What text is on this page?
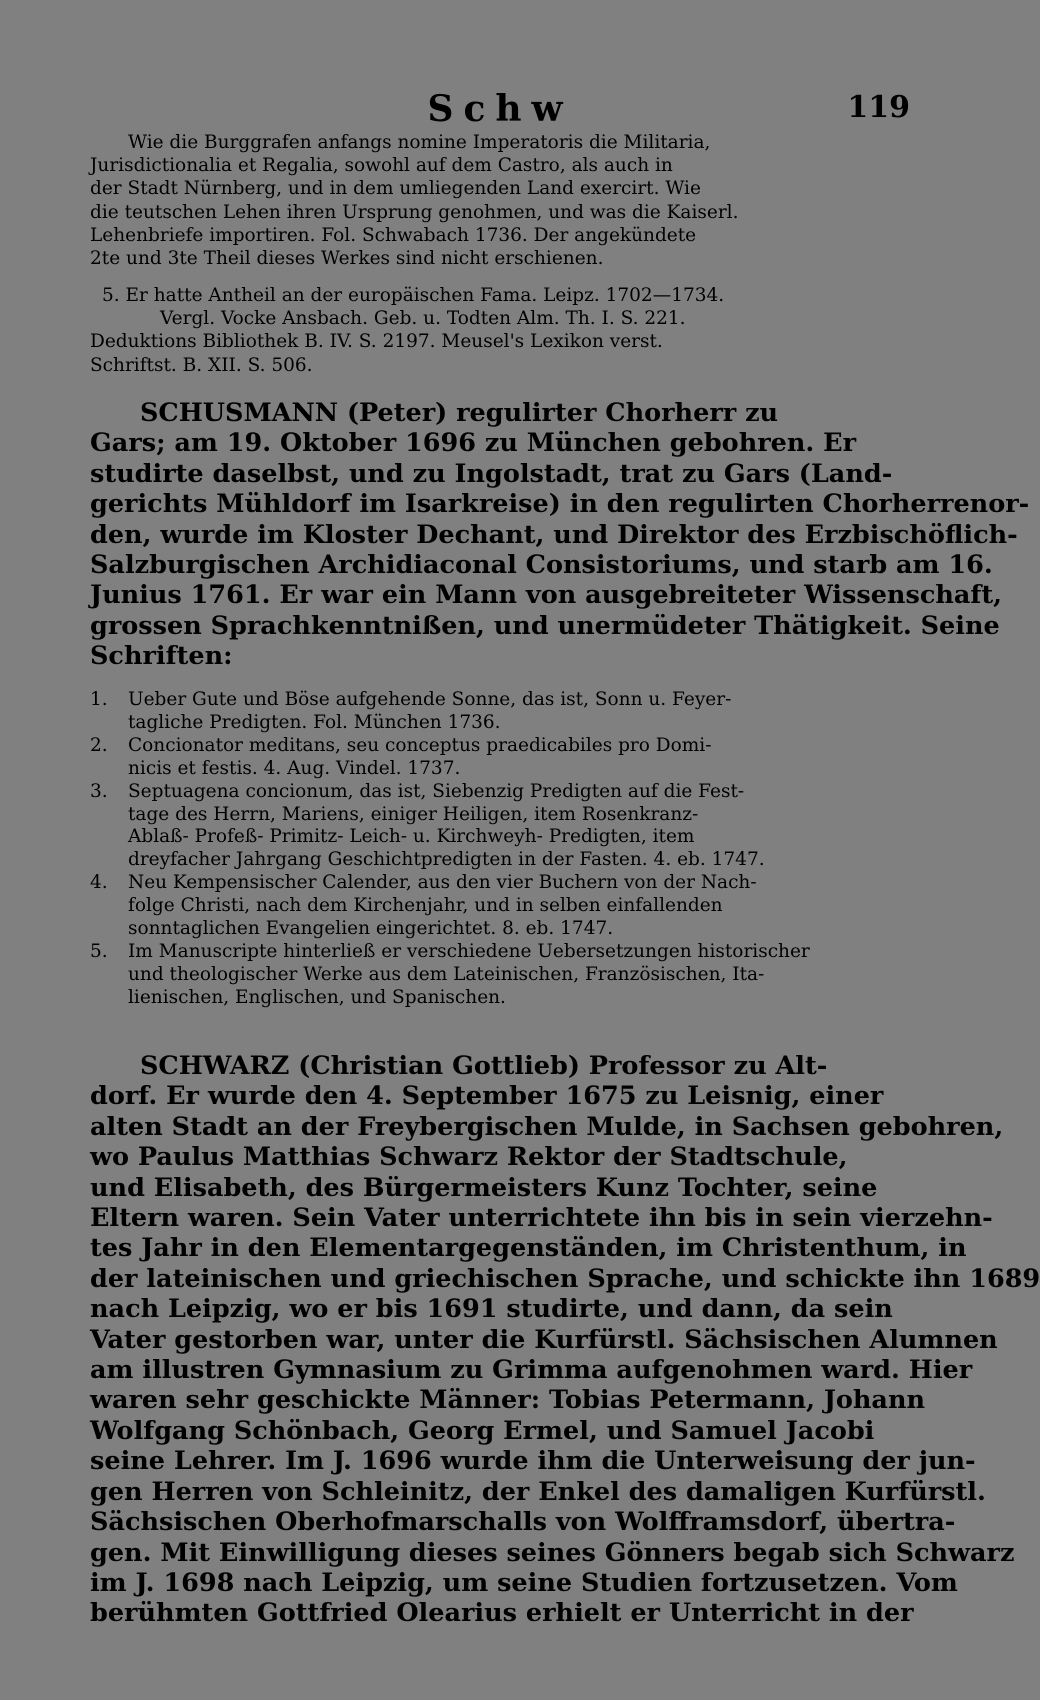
Schw	119
Wie die Burggrafen anfangs nomine Imperatoris die Militaria,
Jurisdictionalia et Regalia, sowohl auf dem Castro, als auch in
der Stadt Nürnberg, und in dem umliegenden Land exercirt. Wie
die teutschen Lehen ihren Ursprung genohmen, und was die Kaiserl.
Lehenbriefe importiren. Fol. Schwabach 1736. Der angekündete
2te und 3te Theil dieses Werkes sind nicht erschienen.
5. Er hatte Antheil an der europäischen Fama. Leipz. 1702—1734.
Vergl. Vocke Ansbach. Geb. u. Todten Alm. Th. I. S. 221.
Deduktions Bibliothek B. IV. S. 2197. Meusel's Lexikon verst.
Schriftst. B. XII. S. 506.
SCHUSMANN (Peter) regulirter Chorherr zu
Gars; am 19. Oktober 1696 zu München gebohren. Er
studirte daselbst, und zu Ingolstadt, trat zu Gars (Land-
gerichts Mühldorf im Isarkreise) in den regulirten Chorherrenor-
den, wurde im Kloster Dechant, und Direktor des Erzbischöflich-
Salzburgischen Archidiaconal Consistoriums, und starb am 16.
Junius 1761. Er war ein Mann von ausgebreiteter Wissenschaft,
grossen Sprachkenntnißen, und unermüdeter Thätigkeit. Seine
Schriften:
1.	Ueber Gute und Böse aufgehende Sonne, das ist, Sonn u. Feyer-
tagliche Predigten. Fol. München 1736.
2.	Concionator meditans, seu conceptus praedicabiles pro Domi-
nicis et festis. 4. Aug. Vindel. 1737.
3.	Septuagena concionum, das ist, Siebenzig Predigten auf die Fest-
tage des Herrn, Mariens, einiger Heiligen, item Rosenkranz-
Ablaß- Profeß- Primitz- Leich- u. Kirchweyh- Predigten, item
dreyfacher Jahrgang Geschichtpredigten in der Fasten. 4. eb. 1747.
4.	Neu Kempensischer Calender, aus den vier Buchern von der Nach-
folge Christi, nach dem Kirchenjahr, und in selben einfallenden
sonntaglichen Evangelien eingerichtet. 8. eb. 1747.
5.	Im Manuscripte hinterließ er verschiedene Uebersetzungen historischer
und theologischer Werke aus dem Lateinischen, Französischen, Ita-
lienischen, Englischen, und Spanischen.
SCHWARZ (Christian Gottlieb) Professor zu Alt-
dorf. Er wurde den 4. September 1675 zu Leisnig, einer
alten Stadt an der Freybergischen Mulde, in Sachsen gebohren,
wo Paulus Matthias Schwarz Rektor der Stadtschule,
und Elisabeth, des Bürgermeisters Kunz Tochter, seine
Eltern waren. Sein Vater unterrichtete ihn bis in sein vierzehn-
tes Jahr in den Elementargegenständen, im Christenthum, in
der lateinischen und griechischen Sprache, und schickte ihn 1689
nach Leipzig, wo er bis 1691 studirte, und dann, da sein
Vater gestorben war, unter die Kurfürstl. Sächsischen Alumnen
am illustren Gymnasium zu Grimma aufgenohmen ward. Hier
waren sehr geschickte Männer: Tobias Petermann, Johann
Wolfgang Schönbach, Georg Ermel, und Samuel Jacobi
seine Lehrer. Im J. 1696 wurde ihm die Unterweisung der jun-
gen Herren von Schleinitz, der Enkel des damaligen Kurfürstl.
Sächsischen Oberhofmarschalls von Wolfframsdorf, übertra-
gen. Mit Einwilligung dieses seines Gönners begab sich Schwarz
im J. 1698 nach Leipzig, um seine Studien fortzusetzen. Vom
berühmten Gottfried Olearius erhielt er Unterricht in der
